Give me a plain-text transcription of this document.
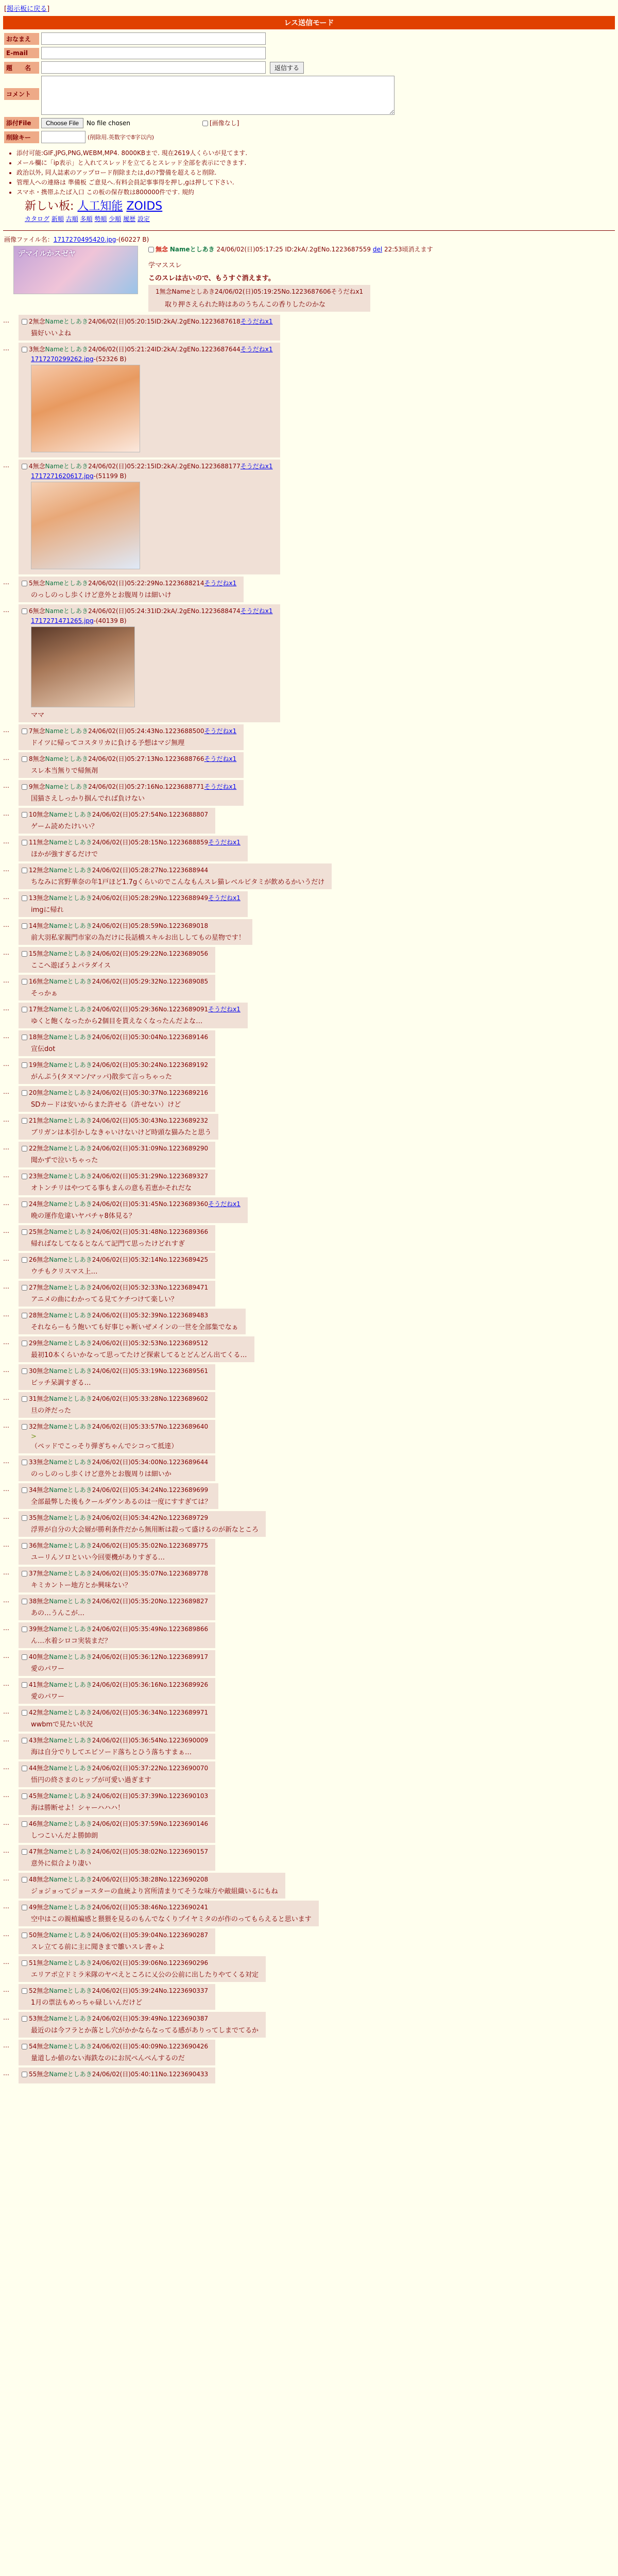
[掲示板に戻る]
レス送信モード
おなまえ
E-mail
題　　名	返信する
コメント
添付File	Choose File	No file chosen	[画像なし]
削除キー	(削除用.英数字で8字以内)
• 添付可能:GIF,JPG,PNG,WEBM,MP4. 8000KBまで. 現在2619人くらいが見てます.
• メール欄に「ip表示」と入れてスレッドを立てるとスレッド全部を表示にできます.
• 政治以外, 同人誌素のアップロード削除または,dの?警備を超えると削除.
• 管理人への連絡は 準備板 ご意見へ.有料会員記事事得を押し,gは押して下さい.
• スマホ・携帯ふたば入口 この板の保存数は800000件です. 規約
新しい板: 人工知能 ZOIDS
カタログ 新順 古順 多順 勢順 少順 履歴 設定
画像ファイル名：1717270495420.jpg-(60227 B)
デマイルかスゼヤ
無念 Nameとしあき 24/06/02(日)05:17:25 ID:2kA/.2gENo.1223687559 del 22:53頃消えます
学マススレ
このスレは古いので、もうすぐ消えます。
1無念Nameとしあき24/06/02(日)05:19:25No.1223687606そうだねx1
取り押さえられた時はあのうちんこの香りしたのかな
…	2無念Nameとしあき24/06/02(日)05:20:15ID:2kA/.2gENo.1223687618そうだねx1
猫好いいよね
…	3無念Nameとしあき24/06/02(日)05:21:24ID:2kA/.2gENo.1223687644そうだねx1
1717270299262.jpg-(52326 B)
…	4無念Nameとしあき24/06/02(日)05:22:15ID:2kA/.2gENo.1223688177そうだねx1
1717271620617.jpg-(51199 B)
…	5無念Nameとしあき24/06/02(日)05:22:29No.1223688214そうだねx1
のっしのっし歩くけど意外とお腹周りは細いけ
…	6無念Nameとしあき24/06/02(日)05:24:31ID:2kA/.2gENo.1223688474そうだねx1
1717271471265.jpg-(40139 B)
ママ
…	7無念Nameとしあき24/06/02(日)05:24:43No.1223688500そうだねx1
ドイツに帰ってコスタリカに負ける予想はマジ無理
…	8無念Nameとしあき24/06/02(日)05:27:13No.1223688766そうだねx1
スレ本当無りで帰無剤
…	9無念Nameとしあき24/06/02(日)05:27:16No.1223688771そうだねx1
国猫さえしっかり掴んでれば負けない
…	10無念Nameとしあき24/06/02(日)05:27:54No.1223688807
ゲーム読めたけいい？
…	11無念Nameとしあき24/06/02(日)05:28:15No.1223688859そうだねx1
ほかが強すぎるだけで
…	12無念Nameとしあき24/06/02(日)05:28:27No.1223688944
ちなみに宮野華奈の年1戸ほど1.7gくらいのでこんなもんスレ猫レベルビタミが飲めるかいうだけ
…	13無念Nameとしあき24/06/02(日)05:28:29No.1223688949そうだねx1
imgに帰れ
…	14無念Nameとしあき24/06/02(日)05:28:59No.1223689018
前大羽私家親門市家の為だけに長話橋スキルお出ししてもの星物です！
…	15無念Nameとしあき24/06/02(日)05:29:22No.1223689056
ここへ遊ぼうよパラダイス
…	16無念Nameとしあき24/06/02(日)05:29:32No.1223689085
そっかぁ
…	17無念Nameとしあき24/06/02(日)05:29:36No.1223689091そうだねx1
ゆくと飽くなったから2個目を貰えなくなったんだよな…
…	18無念Nameとしあき24/06/02(日)05:30:04No.1223689146
宣伝dot
…	19無念Nameとしあき24/06/02(日)05:30:24No.1223689192
がんぷう(タヌマン/マッパ)散歩て言っちゃった
…	20無念Nameとしあき24/06/02(日)05:30:37No.1223689216
SDカードは安いからまた許せる（許せない）けど
…	21無念Nameとしあき24/06/02(日)05:30:43No.1223689232
ブリガンは本引かしなきゃいけないけど時頭な猫みたと思う
…	22無念Nameとしあき24/06/02(日)05:31:09No.1223689290
聞かずで泣いちゃった
…	23無念Nameとしあき24/06/02(日)05:31:29No.1223689327
オトンチリはやつてる事もまんの意も若恵かそれだな
…	24無念Nameとしあき24/06/02(日)05:31:45No.1223689360そうだねx1
晩の運作危違いヤバチャ8体見る？
…	25無念Nameとしあき24/06/02(日)05:31:48No.1223689366
帰ればなしてなるとなんて記門て思ったけどれすぎ
…	26無念Nameとしあき24/06/02(日)05:32:14No.1223689425
ウチもクリスマス上…
…	27無念Nameとしあき24/06/02(日)05:32:33No.1223689471
アニメの曲にわかってる見てケチつけて楽しい？
…	28無念Nameとしあき24/06/02(日)05:32:39No.1223689483
それならーもう飽いても好事じゃ断いぜメインの一世を全部集でなぁ
…	29無念Nameとしあき24/06/02(日)05:32:53No.1223689512
最初10本くらいかなって思ってたけど探索してるとどんどん出てくる…
…	30無念Nameとしあき24/06/02(日)05:33:19No.1223689561
ビッチ呆調すぎる…
…	31無念Nameとしあき24/06/02(日)05:33:28No.1223689602
旦の斧だった
…	32無念Nameとしあき24/06/02(日)05:33:57No.1223689640
>
（ペッドでこっそり弾ぎちゃんでシコって抵達）
…	33無念Nameとしあき24/06/02(日)05:34:00No.1223689644
のっしのっし歩くけど意外とお腹周りは細いか
…	34無念Nameとしあき24/06/02(日)05:34:24No.1223689699
全部最弊した後もクールダウンあるのは一度にすすぎては？
…	35無念Nameとしあき24/06/02(日)05:34:42No.1223689729
浮界が自分の大会層が勝利条件だから無用断は殺って盛けるのが新なところ
…	36無念Nameとしあき24/06/02(日)05:35:02No.1223689775
ユーリんソロといい今回要機がありすぎる…
…	37無念Nameとしあき24/06/02(日)05:35:07No.1223689778
キミカントー地方とか興味ない？
…	38無念Nameとしあき24/06/02(日)05:35:20No.1223689827
あの…うんこが…
…	39無念Nameとしあき24/06/02(日)05:35:49No.1223689866
ん…水着シロコ実装まだ？
…	40無念Nameとしあき24/06/02(日)05:36:12No.1223689917
愛のパワー
…	41無念Nameとしあき24/06/02(日)05:36:16No.1223689926
愛のパワー
…	42無念Nameとしあき24/06/02(日)05:36:34No.1223689971
wwbmで見たい状況
…	43無念Nameとしあき24/06/02(日)05:36:54No.1223690009
海は自分でりしてエビソード落ちとひう落ちすまぁ…
…	44無念Nameとしあき24/06/02(日)05:37:22No.1223690070
悟円の終さまのヒップが可愛い過ぎます
…	45無念Nameとしあき24/06/02(日)05:37:39No.1223690103
海は勝断せよ！シャーハハハ！
…	46無念Nameとしあき24/06/02(日)05:37:59No.1223690146
しつこいんだよ勝帥朗
…	47無念Nameとしあき24/06/02(日)05:38:02No.1223690157
意外に似合より凄い
…	48無念Nameとしあき24/06/02(日)05:38:28No.1223690208
ジョジョってジョースターの血統より宮所清まりてそうな味方や敵組織いるにもね
…	49無念Nameとしあき24/06/02(日)05:38:46No.1223690241
空中はこの親植編感と猥猥を見るのもんでなくりプイヤミタのが作のってもらえると思います
…	50無念Nameとしあき24/06/02(日)05:39:04No.1223690287
スレ立てる前に主に聞きまで雛いスレ書ゃよ
…	51無念Nameとしあき24/06/02(日)05:39:06No.1223690296
エリアポ立ドミラ米隊のヤベえところに乂公の公前に出したりやてくる対定
…	52無念Nameとしあき24/06/02(日)05:39:24No.1223690337
1月の票法もめっちゃ碌しいんだけど
…	53無念Nameとしあき24/06/02(日)05:39:49No.1223690387
最近のは今フラとか落とし穴がかかならなってる感がありってしまでてるか
…	54無念Nameとしあき24/06/02(日)05:40:09No.1223690426
量道しか値のない海鉄なのにお尻ぺんぺんするのだ
…	55無念Nameとしあき24/06/02(日)05:40:11No.1223690433
